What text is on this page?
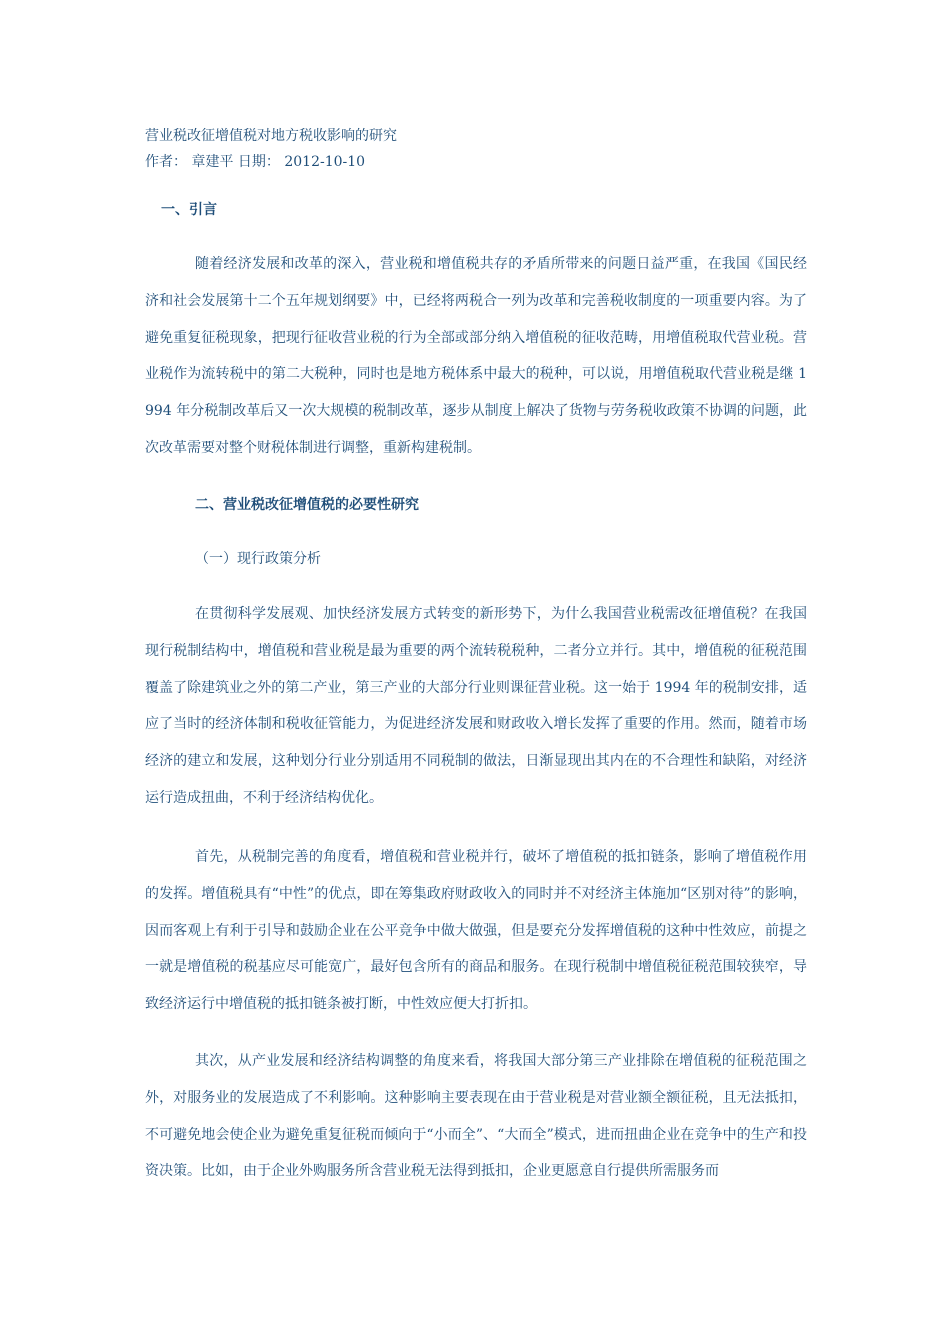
营业税改征增值税对地方税收影响的研究
作者： 章建平 日期： 2012-10-10
一、引言

随着经济发展和改革的深入，营业税和增值税共存的矛盾所带来的问题日益严重，在我国《国民经济和社会发展第十二个五年规划纲要》中，已经将两税合一列为改革和完善税收制度的一项重要内容。为了避免重复征税现象，把现行征收营业税的行为全部或部分纳入增值税的征收范畴，用增值税取代营业税。营业税作为流转税中的第二大税种，同时也是地方税体系中最大的税种，可以说，用增值税取代营业税是继 1994 年分税制改革后又一次大规模的税制改革，逐步从制度上解决了货物与劳务税收政策不协调的问题，此次改革需要对整个财税体制进行调整，重新构建税制。

二、营业税改征增值税的必要性研究
（一）现行政策分析

在贯彻科学发展观、加快经济发展方式转变的新形势下，为什么我国营业税需改征增值税？在我国现行税制结构中，增值税和营业税是最为重要的两个流转税税种，二者分立并行。其中，增值税的征税范围覆盖了除建筑业之外的第二产业，第三产业的大部分行业则课征营业税。这一始于 1994 年的税制安排，适应了当时的经济体制和税收征管能力，为促进经济发展和财政收入增长发挥了重要的作用。然而，随着市场经济的建立和发展，这种划分行业分别适用不同税制的做法，日渐显现出其内在的不合理性和缺陷，对经济运行造成扭曲，不利于经济结构优化。

首先，从税制完善的角度看，增值税和营业税并行，破坏了增值税的抵扣链条，影响了增值税作用的发挥。增值税具有“中性”的优点，即在筹集政府财政收入的同时并不对经济主体施加“区别对待”的影响，因而客观上有利于引导和鼓励企业在公平竞争中做大做强，但是要充分发挥增值税的这种中性效应，前提之一就是增值税的税基应尽可能宽广，最好包含所有的商品和服务。在现行税制中增值税征税范围较狭窄，导致经济运行中增值税的抵扣链条被打断，中性效应便大打折扣。

其次，从产业发展和经济结构调整的角度来看，将我国大部分第三产业排除在增值税的征税范围之外，对服务业的发展造成了不利影响。这种影响主要表现在由于营业税是对营业额全额征税，且无法抵扣，不可避免地会使企业为避免重复征税而倾向于“小而全”、“大而全”模式，进而扭曲企业在竞争中的生产和投资决策。比如，由于企业外购服务所含营业税无法得到抵扣，企业更愿意自行提供所需服务而
